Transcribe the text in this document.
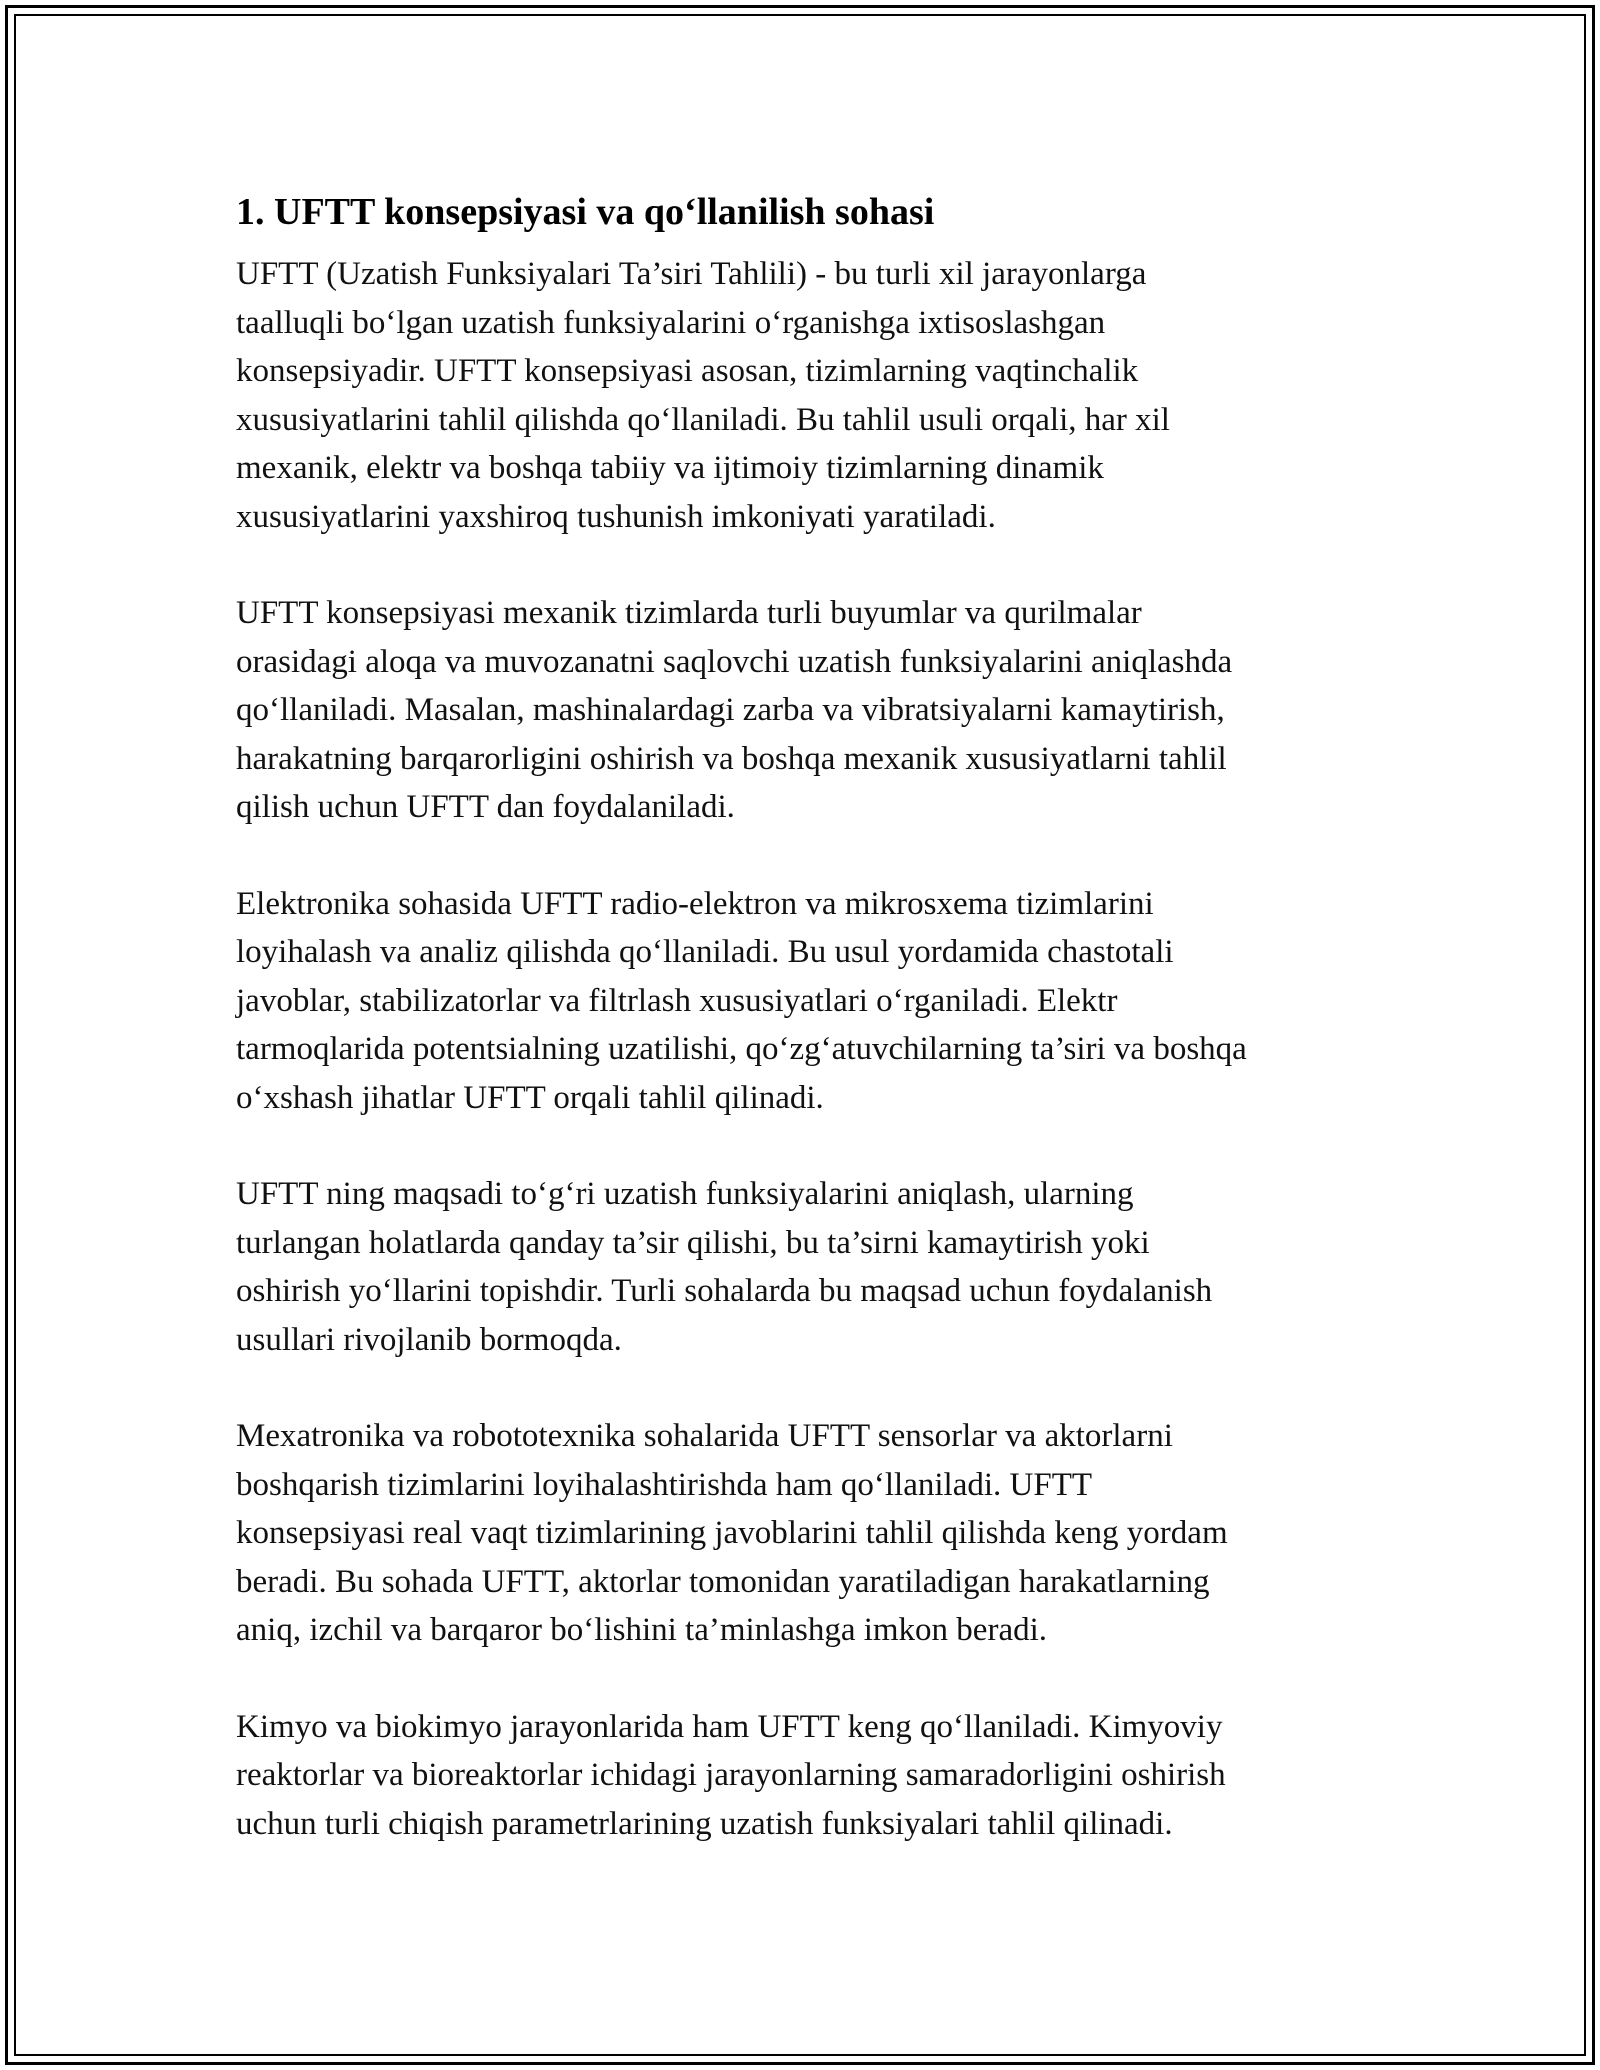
1. UFTT konsepsiyasi va qo‘llanilish sohasi

UFTT (Uzatish Funksiyalari Ta’siri Tahlili) - bu turli xil jarayonlarga
taalluqli bo‘lgan uzatish funksiyalarini o‘rganishga ixtisoslashgan
konsepsiyadir. UFTT konsepsiyasi asosan, tizimlarning vaqtinchalik
xususiyatlarini tahlil qilishda qo‘llaniladi. Bu tahlil usuli orqali, har xil
mexanik, elektr va boshqa tabiiy va ijtimoiy tizimlarning dinamik
xususiyatlarini yaxshiroq tushunish imkoniyati yaratiladi.

UFTT konsepsiyasi mexanik tizimlarda turli buyumlar va qurilmalar
orasidagi aloqa va muvozanatni saqlovchi uzatish funksiyalarini aniqlashda
qo‘llaniladi. Masalan, mashinalardagi zarba va vibratsiyalarni kamaytirish,
harakatning barqarorligini oshirish va boshqa mexanik xususiyatlarni tahlil
qilish uchun UFTT dan foydalaniladi.

Elektronika sohasida UFTT radio-elektron va mikrosxema tizimlarini
loyihalash va analiz qilishda qo‘llaniladi. Bu usul yordamida chastotali
javoblar, stabilizatorlar va filtrlash xususiyatlari o‘rganiladi. Elektr
tarmoqlarida potentsialning uzatilishi, qo‘zg‘atuvchilarning ta’siri va boshqa
o‘xshash jihatlar UFTT orqali tahlil qilinadi.

UFTT ning maqsadi to‘g‘ri uzatish funksiyalarini aniqlash, ularning
turlangan holatlarda qanday ta’sir qilishi, bu ta’sirni kamaytirish yoki
oshirish yo‘llarini topishdir. Turli sohalarda bu maqsad uchun foydalanish
usullari rivojlanib bormoqda.

Mexatronika va robototexnika sohalarida UFTT sensorlar va aktorlarni
boshqarish tizimlarini loyihalashtirishda ham qo‘llaniladi. UFTT
konsepsiyasi real vaqt tizimlarining javoblarini tahlil qilishda keng yordam
beradi. Bu sohada UFTT, aktorlar tomonidan yaratiladigan harakatlarning
aniq, izchil va barqaror bo‘lishini ta’minlashga imkon beradi.

Kimyo va biokimyo jarayonlarida ham UFTT keng qo‘llaniladi. Kimyoviy
reaktorlar va bioreaktorlar ichidagi jarayonlarning samaradorligini oshirish
uchun turli chiqish parametrlarining uzatish funksiyalari tahlil qilinadi.
